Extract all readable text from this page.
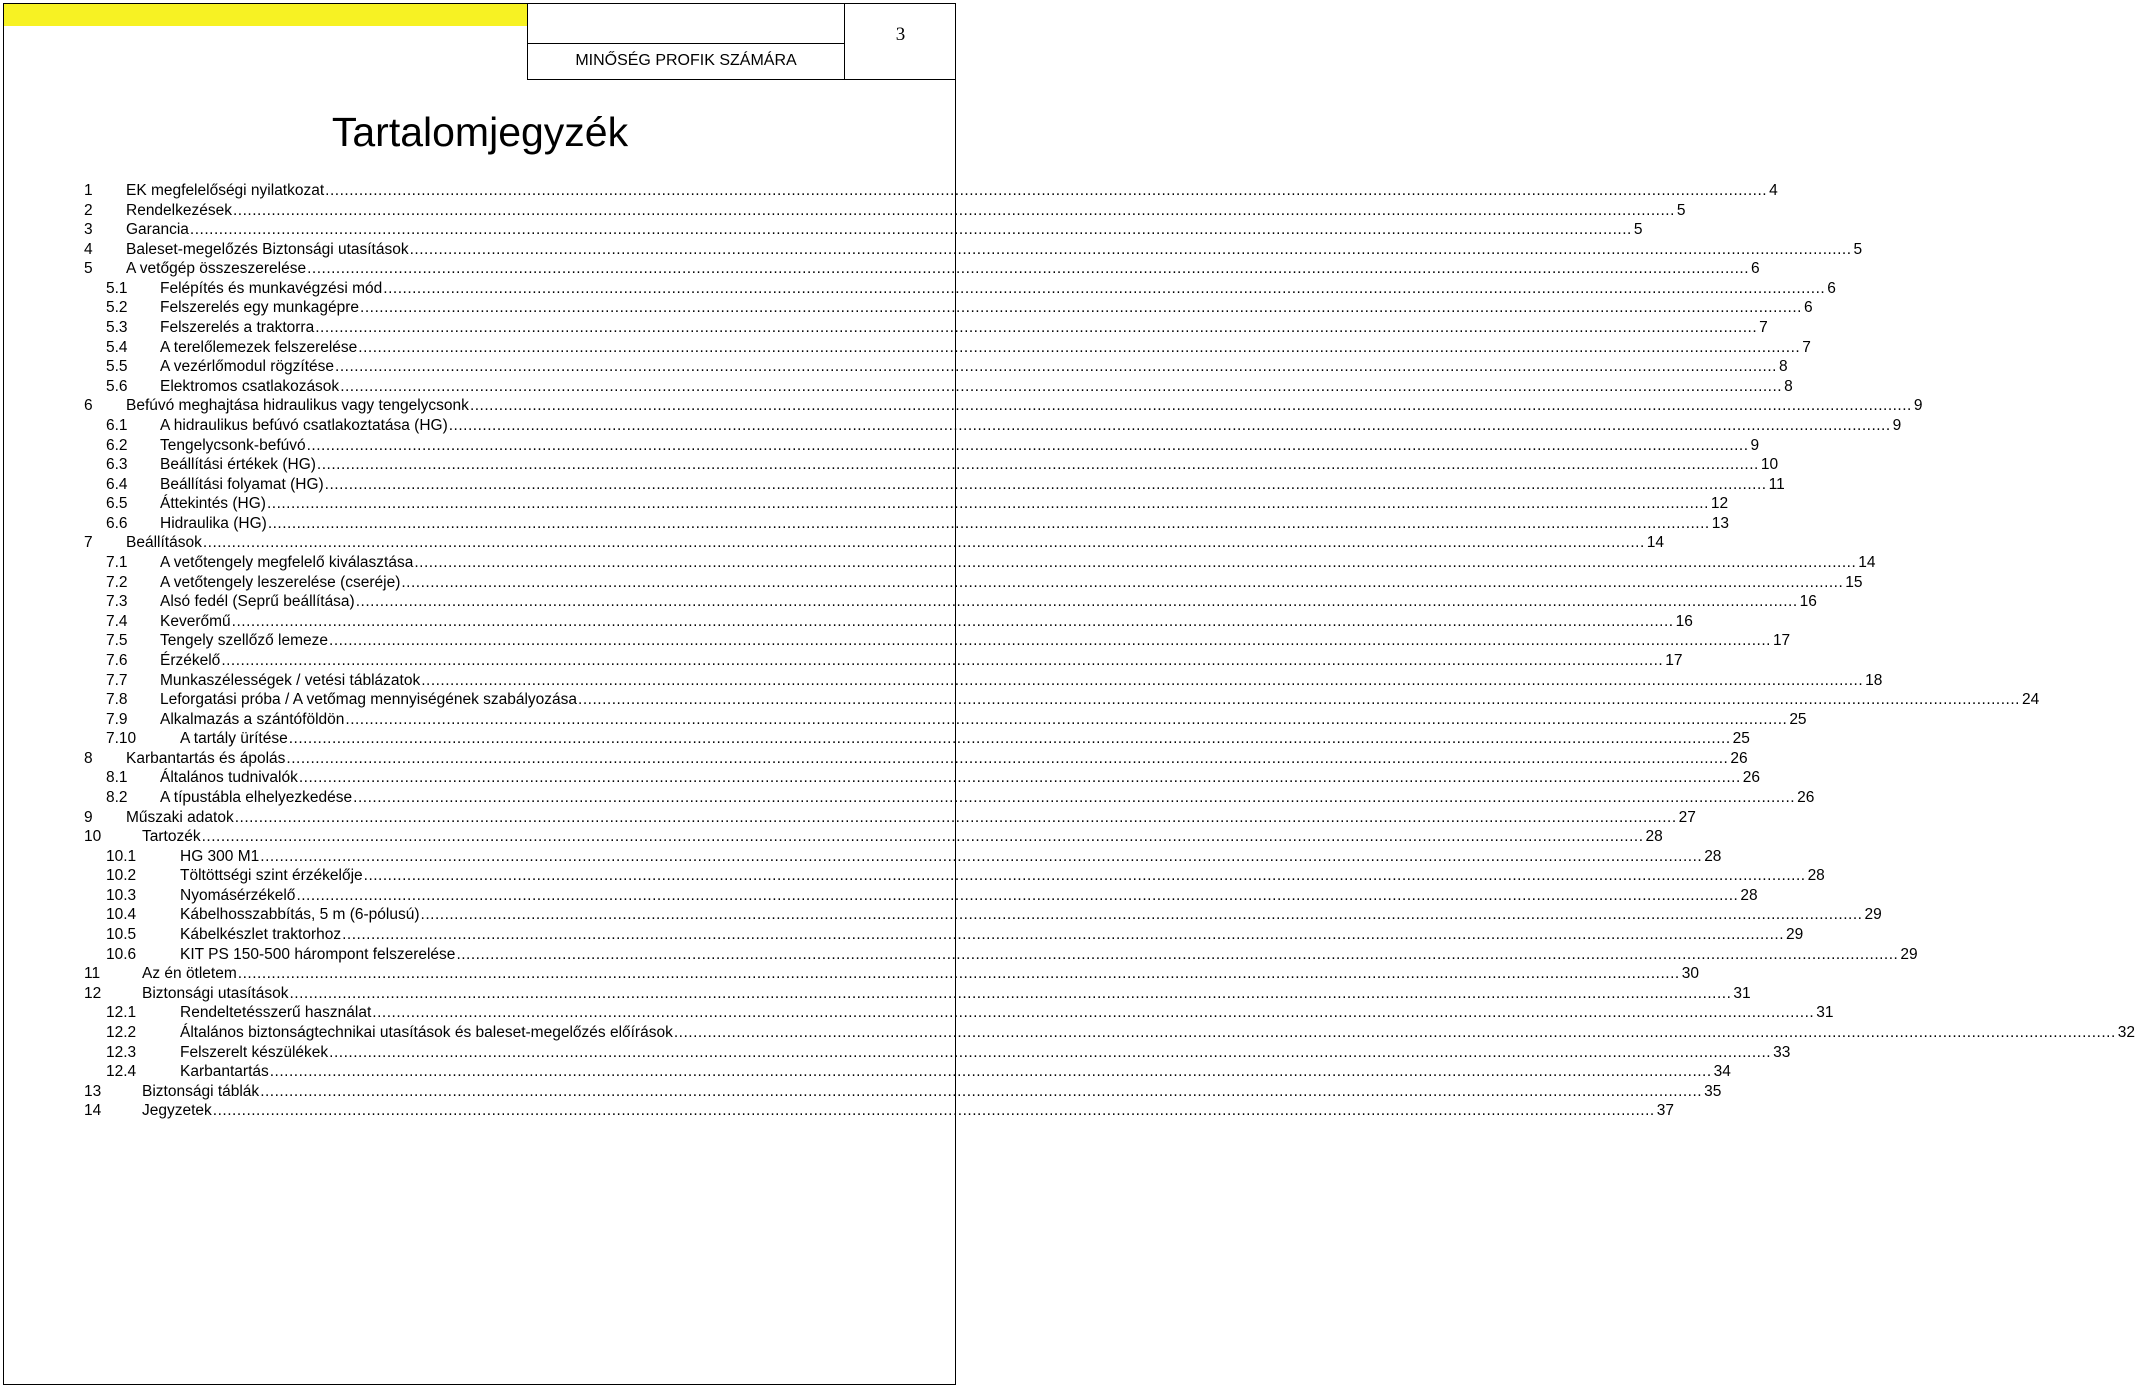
MINŐSÉG PROFIK SZÁMÁRA
3
Tartalomjegyzék
1 EK megfelelőségi nyilatkozat ............................................................................................................................................................................................................................................................................................................ 4
2 Rendelkezések ............................................................................................................................................................................................................................................................................................................ 5
3 Garancia ............................................................................................................................................................................................................................................................................................................ 5
4 Baleset-megelőzés Biztonsági utasítások ............................................................................................................................................................................................................................................................................................................ 5
5 A vetőgép összeszerelése ............................................................................................................................................................................................................................................................................................................ 6
5.1 Felépítés és munkavégzési mód ............................................................................................................................................................................................................................................................................................................ 6
5.2 Felszerelés egy munkagépre ............................................................................................................................................................................................................................................................................................................ 6
5.3 Felszerelés a traktorra ............................................................................................................................................................................................................................................................................................................ 7
5.4 A terelőlemezek felszerelése ............................................................................................................................................................................................................................................................................................................ 7
5.5 A vezérlőmodul rögzítése ............................................................................................................................................................................................................................................................................................................ 8
5.6 Elektromos csatlakozások ............................................................................................................................................................................................................................................................................................................ 8
6 Befúvó meghajtása hidraulikus vagy tengelycsonk ............................................................................................................................................................................................................................................................................................................ 9
6.1 A hidraulikus befúvó csatlakoztatása (HG) ............................................................................................................................................................................................................................................................................................................ 9
6.2 Tengelycsonk-befúvó ............................................................................................................................................................................................................................................................................................................ 9
6.3 Beállítási értékek (HG) ............................................................................................................................................................................................................................................................................................................ 10
6.4 Beállítási folyamat (HG) ............................................................................................................................................................................................................................................................................................................ 11
6.5 Áttekintés (HG) ............................................................................................................................................................................................................................................................................................................ 12
6.6 Hidraulika (HG) ............................................................................................................................................................................................................................................................................................................ 13
7 Beállítások ............................................................................................................................................................................................................................................................................................................ 14
7.1 A vetőtengely megfelelő kiválasztása ............................................................................................................................................................................................................................................................................................................ 14
7.2 A vetőtengely leszerelése (cseréje) ............................................................................................................................................................................................................................................................................................................ 15
7.3 Alsó fedél (Seprű beállítása) ............................................................................................................................................................................................................................................................................................................ 16
7.4 Keverőmű ............................................................................................................................................................................................................................................................................................................ 16
7.5 Tengely szellőző lemeze ............................................................................................................................................................................................................................................................................................................ 17
7.6 Érzékelő ............................................................................................................................................................................................................................................................................................................ 17
7.7 Munkaszélességek / vetési táblázatok ............................................................................................................................................................................................................................................................................................................ 18
7.8 Leforgatási próba / A vetőmag mennyiségének szabályozása ............................................................................................................................................................................................................................................................................................................ 24
7.9 Alkalmazás a szántóföldön ............................................................................................................................................................................................................................................................................................................ 25
7.10	A tartály ürítése ............................................................................................................................................................................................................................................................................................................ 25
8 Karbantartás és ápolás ............................................................................................................................................................................................................................................................................................................ 26
8.1 Általános tudnivalók ............................................................................................................................................................................................................................................................................................................ 26
8.2 A típustábla elhelyezkedése ............................................................................................................................................................................................................................................................................................................ 26
9 Műszaki adatok ............................................................................................................................................................................................................................................................................................................ 27
10	Tartozék ............................................................................................................................................................................................................................................................................................................ 28
10.1	HG 300 M1 ............................................................................................................................................................................................................................................................................................................ 28
10.2	Töltöttségi szint érzékelője ............................................................................................................................................................................................................................................................................................................ 28
10.3	Nyomásérzékelő ............................................................................................................................................................................................................................................................................................................ 28
10.4	Kábelhosszabbítás, 5 m (6-pólusú) ............................................................................................................................................................................................................................................................................................................ 29
10.5	Kábelkészlet traktorhoz ............................................................................................................................................................................................................................................................................................................ 29
10.6	KIT PS 150-500 hárompont felszerelése ............................................................................................................................................................................................................................................................................................................ 29
11	Az én ötletem ............................................................................................................................................................................................................................................................................................................ 30
12	Biztonsági utasítások ............................................................................................................................................................................................................................................................................................................ 31
12.1	Rendeltetésszerű használat ............................................................................................................................................................................................................................................................................................................ 31
12.2	Általános biztonságtechnikai utasítások és baleset-megelőzés előírások ............................................................................................................................................................................................................................................................................................................ 32
12.3	Felszerelt készülékek ............................................................................................................................................................................................................................................................................................................ 33
12.4	Karbantartás ............................................................................................................................................................................................................................................................................................................ 34
13	Biztonsági táblák ............................................................................................................................................................................................................................................................................................................ 35
14	Jegyzetek ............................................................................................................................................................................................................................................................................................................ 37
